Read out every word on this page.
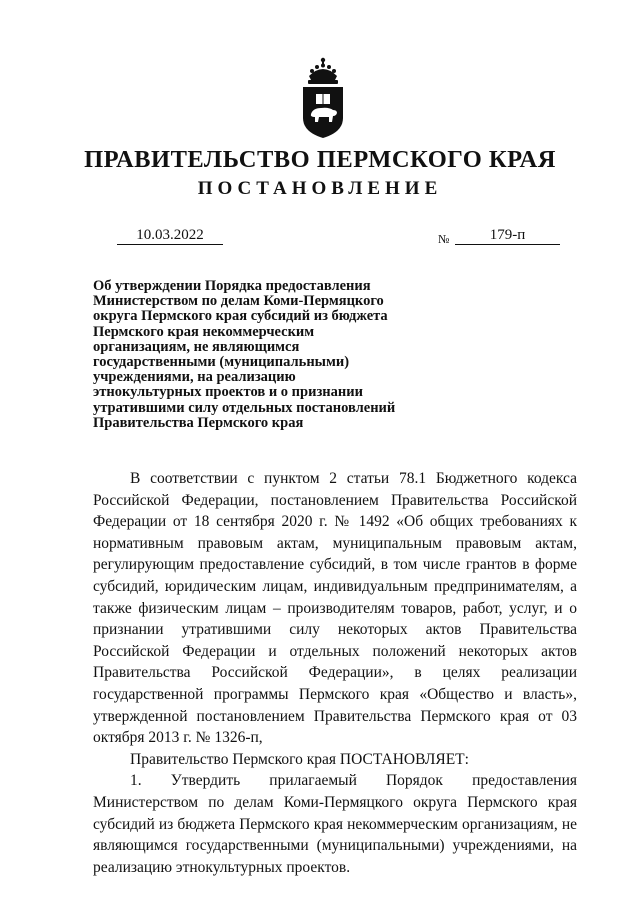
ПРАВИТЕЛЬСТВО ПЕРМСКОГО КРАЯ
ПОСТАНОВЛЕНИЕ
10.03.2022	№	179-п
Об утверждении Порядка предоставления
Министерством по делам Коми-Пермяцкого
округа Пермского края субсидий из бюджета
Пермского края некоммерческим
организациям, не являющимся
государственными (муниципальными)
учреждениями, на реализацию
этнокультурных проектов и о признании
утратившими силу отдельных постановлений
Правительства Пермского края

В соответствии с пунктом 2 статьи 78.1 Бюджетного кодекса Российской Федерации, постановлением Правительства Российской Федерации от 18 сентября 2020 г. № 1492 «Об общих требованиях к нормативным правовым актам, муниципальным правовым актам, регулирующим предоставление субсидий, в том числе грантов в форме субсидий, юридическим лицам, индивидуальным предпринимателям, а также физическим лицам – производителям товаров, работ, услуг, и о признании утратившими силу некоторых актов Правительства Российской Федерации и отдельных положений некоторых актов Правительства Российской Федерации», в целях реализации государственной программы Пермского края «Общество и власть», утвержденной постановлением Правительства Пермского края от 03 октября 2013 г. № 1326-п,

Правительство Пермского края ПОСТАНОВЛЯЕТ:

1. Утвердить прилагаемый Порядок предоставления Министерством по делам Коми-Пермяцкого округа Пермского края субсидий из бюджета Пермского края некоммерческим организациям, не являющимся государственными (муниципальными) учреждениями, на реализацию этнокультурных проектов.
